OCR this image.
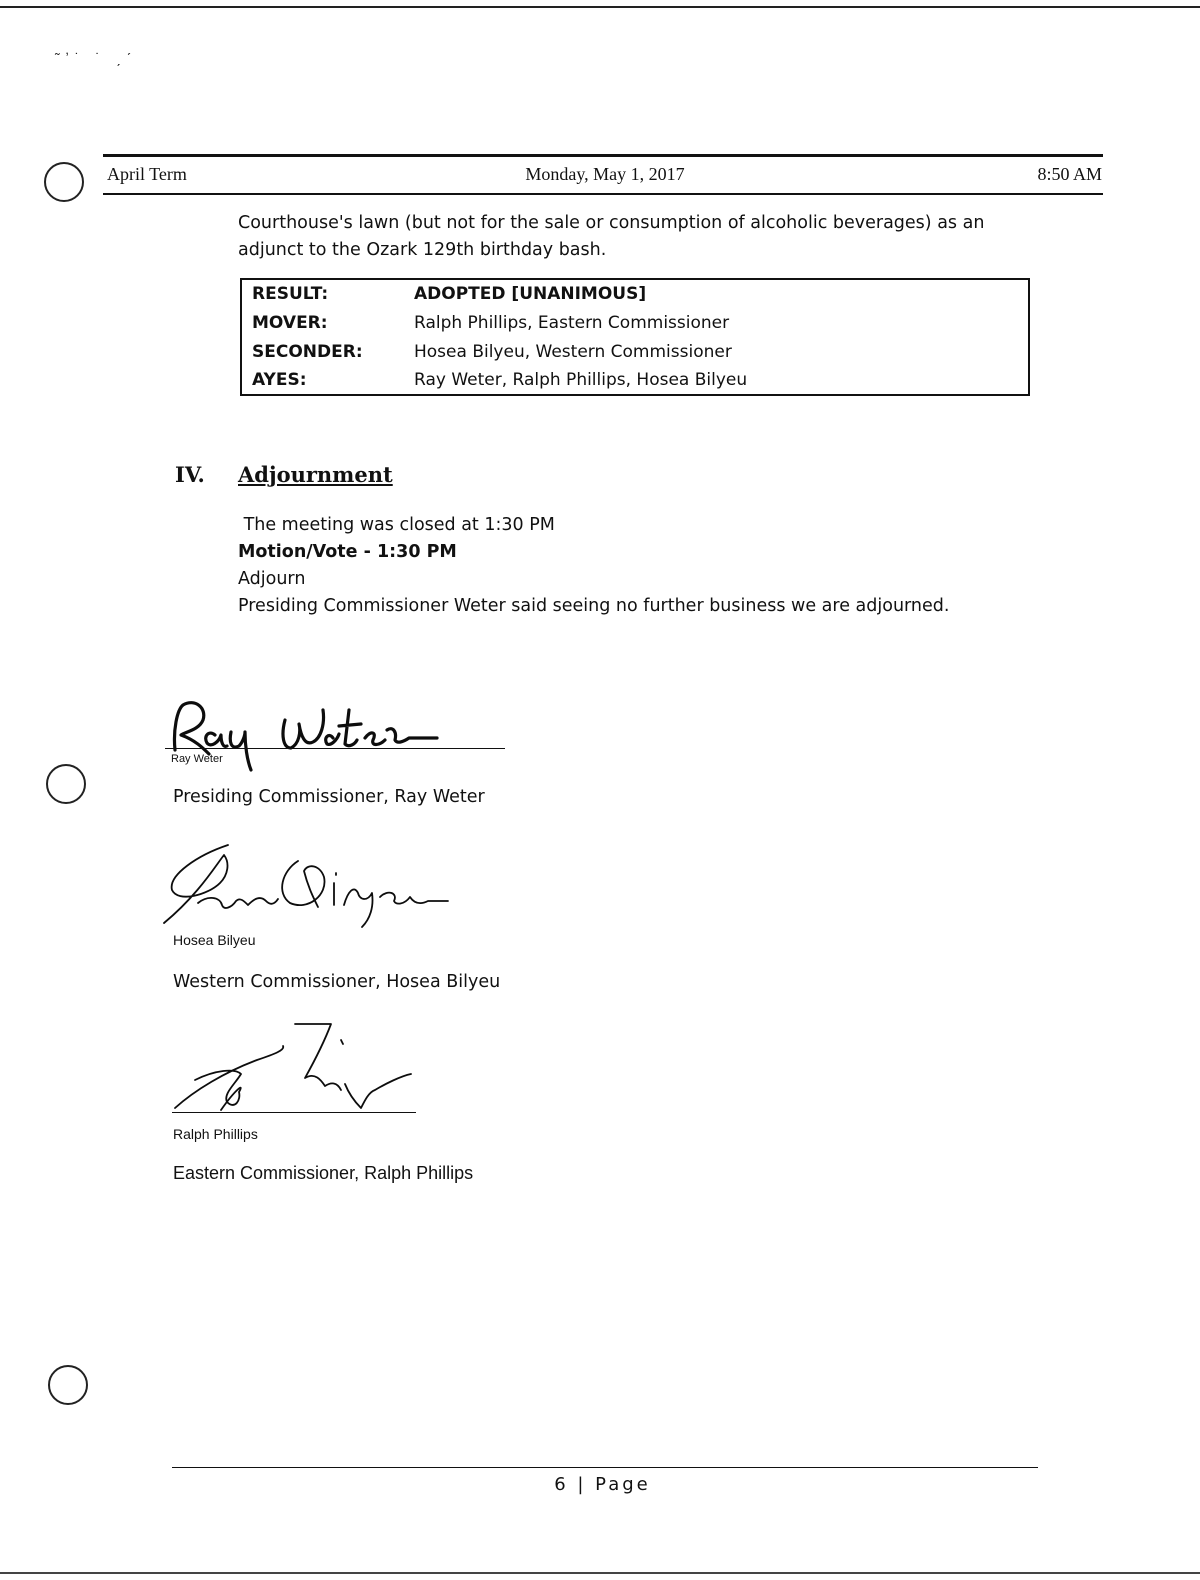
˜ʼ˙ ˙ ˏˊ
April Term	Monday, May 1, 2017	8:50 AM
Courthouse's lawn (but not for the sale or consumption of alcoholic beverages) as an adjunct to the Ozark 129th birthday bash.
RESULT:	ADOPTED [UNANIMOUS]
MOVER:	Ralph Phillips, Eastern Commissioner
SECONDER:	Hosea Bilyeu, Western Commissioner
AYES:	Ray Weter, Ralph Phillips, Hosea Bilyeu
IV. Adjournment
The meeting was closed at 1:30 PM
Motion/Vote - 1:30 PM
Adjourn
Presiding Commissioner Weter said seeing no further business we are adjourned.
Ray Weter
Presiding Commissioner, Ray Weter
Hosea Bilyeu
Western Commissioner, Hosea Bilyeu
Ralph Phillips
Eastern Commissioner, Ralph Phillips
6 | Page
